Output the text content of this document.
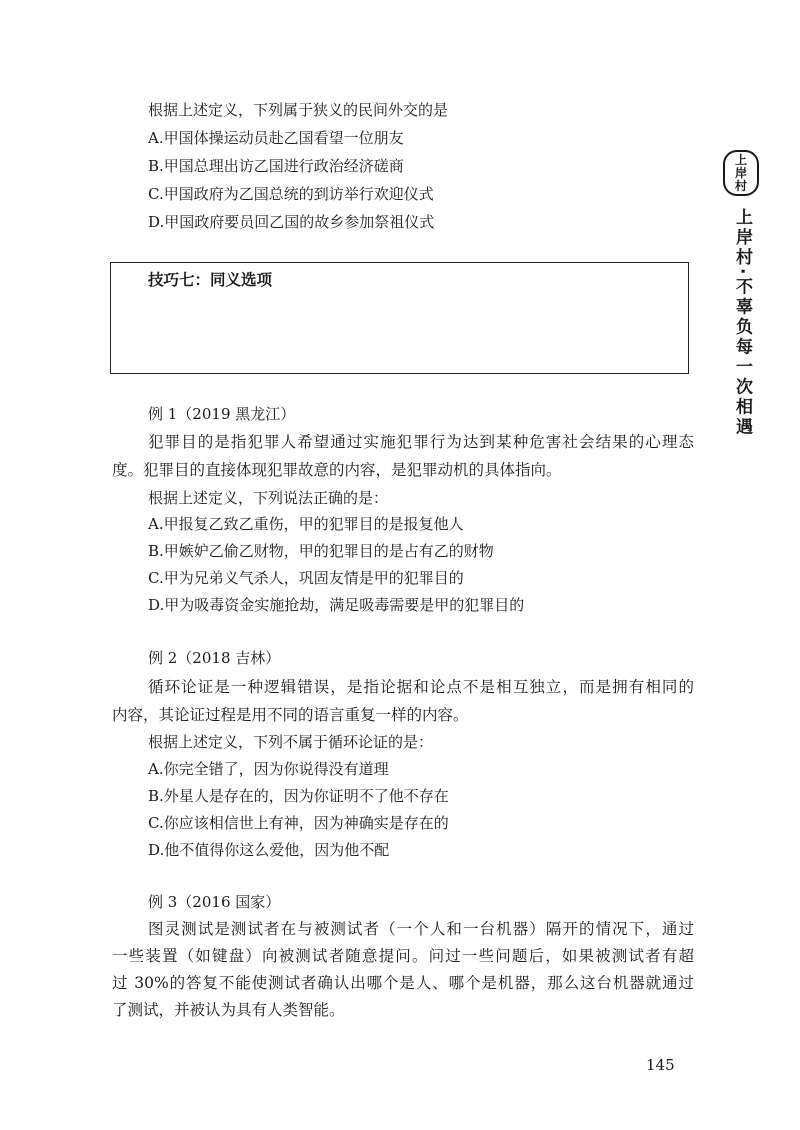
根据上述定义，下列属于狭义的民间外交的是
A.甲国体操运动员赴乙国看望一位朋友
B.甲国总理出访乙国进行政治经济磋商
C.甲国政府为乙国总统的到访举行欢迎仪式
D.甲国政府要员回乙国的故乡参加祭祖仪式
技巧七：同义选项
上岸村
上岸村·不辜负每一次相遇
例 1（2019 黑龙江）
犯罪目的是指犯罪人希望通过实施犯罪行为达到某种危害社会结果的心理态
度。犯罪目的直接体现犯罪故意的内容，是犯罪动机的具体指向。
根据上述定义，下列说法正确的是：
A.甲报复乙致乙重伤，甲的犯罪目的是报复他人
B.甲嫉妒乙偷乙财物，甲的犯罪目的是占有乙的财物
C.甲为兄弟义气杀人，巩固友情是甲的犯罪目的
D.甲为吸毒资金实施抢劫，满足吸毒需要是甲的犯罪目的
例 2（2018 吉林）
循环论证是一种逻辑错误，是指论据和论点不是相互独立，而是拥有相同的
内容，其论证过程是用不同的语言重复一样的内容。
根据上述定义，下列不属于循环论证的是：
A.你完全错了，因为你说得没有道理
B.外星人是存在的，因为你证明不了他不存在
C.你应该相信世上有神，因为神确实是存在的
D.他不值得你这么爱他，因为他不配
例 3（2016 国家）
图灵测试是测试者在与被测试者（一个人和一台机器）隔开的情况下，通过
一些装置（如键盘）向被测试者随意提问。问过一些问题后，如果被测试者有超
过 30%的答复不能使测试者确认出哪个是人、哪个是机器，那么这台机器就通过
了测试，并被认为具有人类智能。
145
